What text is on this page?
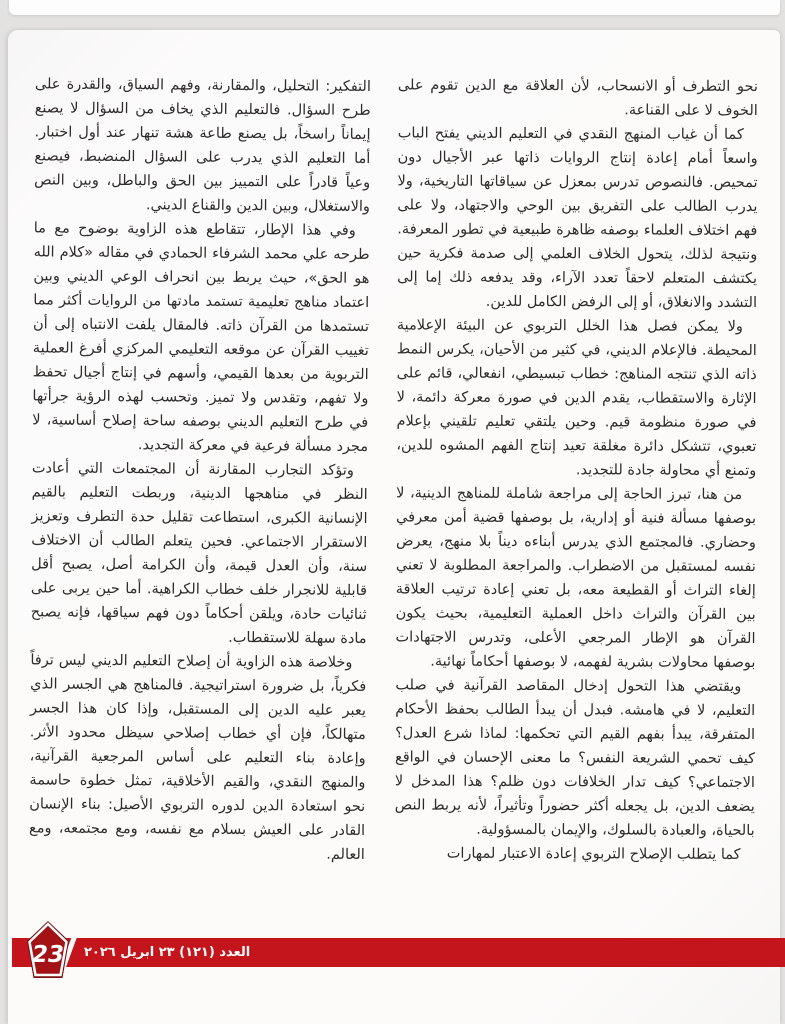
نحو التطرف أو الانسحاب، لأن العلاقة مع الدين تقوم على الخوف لا على القناعة.

كما أن غياب المنهج النقدي في التعليم الديني يفتح الباب واسعاً أمام إعادة إنتاج الروايات ذاتها عبر الأجيال دون تمحيص. فالنصوص تدرس بمعزل عن سياقاتها التاريخية، ولا يدرب الطالب على التفريق بين الوحي والاجتهاد، ولا على فهم اختلاف العلماء بوصفه ظاهرة طبيعية في تطور المعرفة. ونتيجة لذلك، يتحول الخلاف العلمي إلى صدمة فكرية حين يكتشف المتعلم لاحقاً تعدد الآراء، وقد يدفعه ذلك إما إلى التشدد والانغلاق، أو إلى الرفض الكامل للدين.

ولا يمكن فصل هذا الخلل التربوي عن البيئة الإعلامية المحيطة. فالإعلام الديني، في كثير من الأحيان، يكرس النمط ذاته الذي تنتجه المناهج: خطاب تبسيطي، انفعالي، قائم على الإثارة والاستقطاب، يقدم الدين في صورة معركة دائمة، لا في صورة منظومة قيم. وحين يلتقي تعليم تلقيني بإعلام تعبوي، تتشكل دائرة مغلقة تعيد إنتاج الفهم المشوه للدين، وتمنع أي محاولة جادة للتجديد.

من هنا، تبرز الحاجة إلى مراجعة شاملة للمناهج الدينية، لا بوصفها مسألة فنية أو إدارية، بل بوصفها قضية أمن معرفي وحضاري. فالمجتمع الذي يدرس أبناءه ديناً بلا منهج، يعرض نفسه لمستقبل من الاضطراب. والمراجعة المطلوبة لا تعني إلغاء التراث أو القطيعة معه، بل تعني إعادة ترتيب العلاقة بين القرآن والتراث داخل العملية التعليمية، بحيث يكون القرآن هو الإطار المرجعي الأعلى، وتدرس الاجتهادات بوصفها محاولات بشرية لفهمه، لا بوصفها أحكاماً نهائية.

ويقتضي هذا التحول إدخال المقاصد القرآنية في صلب التعليم، لا في هامشه. فبدل أن يبدأ الطالب بحفظ الأحكام المتفرقة، يبدأ بفهم القيم التي تحكمها: لماذا شرع العدل؟ كيف تحمي الشريعة النفس؟ ما معنى الإحسان في الواقع الاجتماعي؟ كيف تدار الخلافات دون ظلم؟ هذا المدخل لا يضعف الدين، بل يجعله أكثر حضوراً وتأثيراً، لأنه يربط النص بالحياة، والعبادة بالسلوك، والإيمان بالمسؤولية.

كما يتطلب الإصلاح التربوي إعادة الاعتبار لمهارات

التفكير: التحليل، والمقارنة، وفهم السياق، والقدرة على طرح السؤال. فالتعليم الذي يخاف من السؤال لا يصنع إيماناً راسخاً، بل يصنع طاعة هشة تنهار عند أول اختبار. أما التعليم الذي يدرب على السؤال المنضبط، فيصنع وعياً قادراً على التمييز بين الحق والباطل، وبين النص والاستغلال، وبين الدين والقناع الديني.

وفي هذا الإطار، تتقاطع هذه الزاوية بوضوح مع ما طرحه علي محمد الشرفاء الحمادي في مقاله «كلام الله هو الحق»، حيث يربط بين انحراف الوعي الديني وبين اعتماد مناهج تعليمية تستمد مادتها من الروايات أكثر مما تستمدها من القرآن ذاته. فالمقال يلفت الانتباه إلى أن تغييب القرآن عن موقعه التعليمي المركزي أفرغ العملية التربوية من بعدها القيمي، وأسهم في إنتاج أجيال تحفظ ولا تفهم، وتقدس ولا تميز. وتحسب لهذه الرؤية جرأتها في طرح التعليم الديني بوصفه ساحة إصلاح أساسية، لا مجرد مسألة فرعية في معركة التجديد.

وتؤكد التجارب المقارنة أن المجتمعات التي أعادت النظر في مناهجها الدينية، وربطت التعليم بالقيم الإنسانية الكبرى، استطاعت تقليل حدة التطرف وتعزيز الاستقرار الاجتماعي. فحين يتعلم الطالب أن الاختلاف سنة، وأن العدل قيمة، وأن الكرامة أصل، يصبح أقل قابلية للانجرار خلف خطاب الكراهية. أما حين يربى على ثنائيات حادة، ويلقن أحكاماً دون فهم سياقها، فإنه يصبح مادة سهلة للاستقطاب.

وخلاصة هذه الزاوية أن إصلاح التعليم الديني ليس ترفاً فكرياً، بل ضرورة استراتيجية. فالمناهج هي الجسر الذي يعبر عليه الدين إلى المستقبل، وإذا كان هذا الجسر متهالكاً، فإن أي خطاب إصلاحي سيظل محدود الأثر. وإعادة بناء التعليم على أساس المرجعية القرآنية، والمنهج النقدي، والقيم الأخلاقية، تمثل خطوة حاسمة نحو استعادة الدين لدوره التربوي الأصيل: بناء الإنسان القادر على العيش بسلام مع نفسه، ومع مجتمعه، ومع العالم.

العدد (١٢١) ٢٣ ابريل ٢٠٢٦
23
